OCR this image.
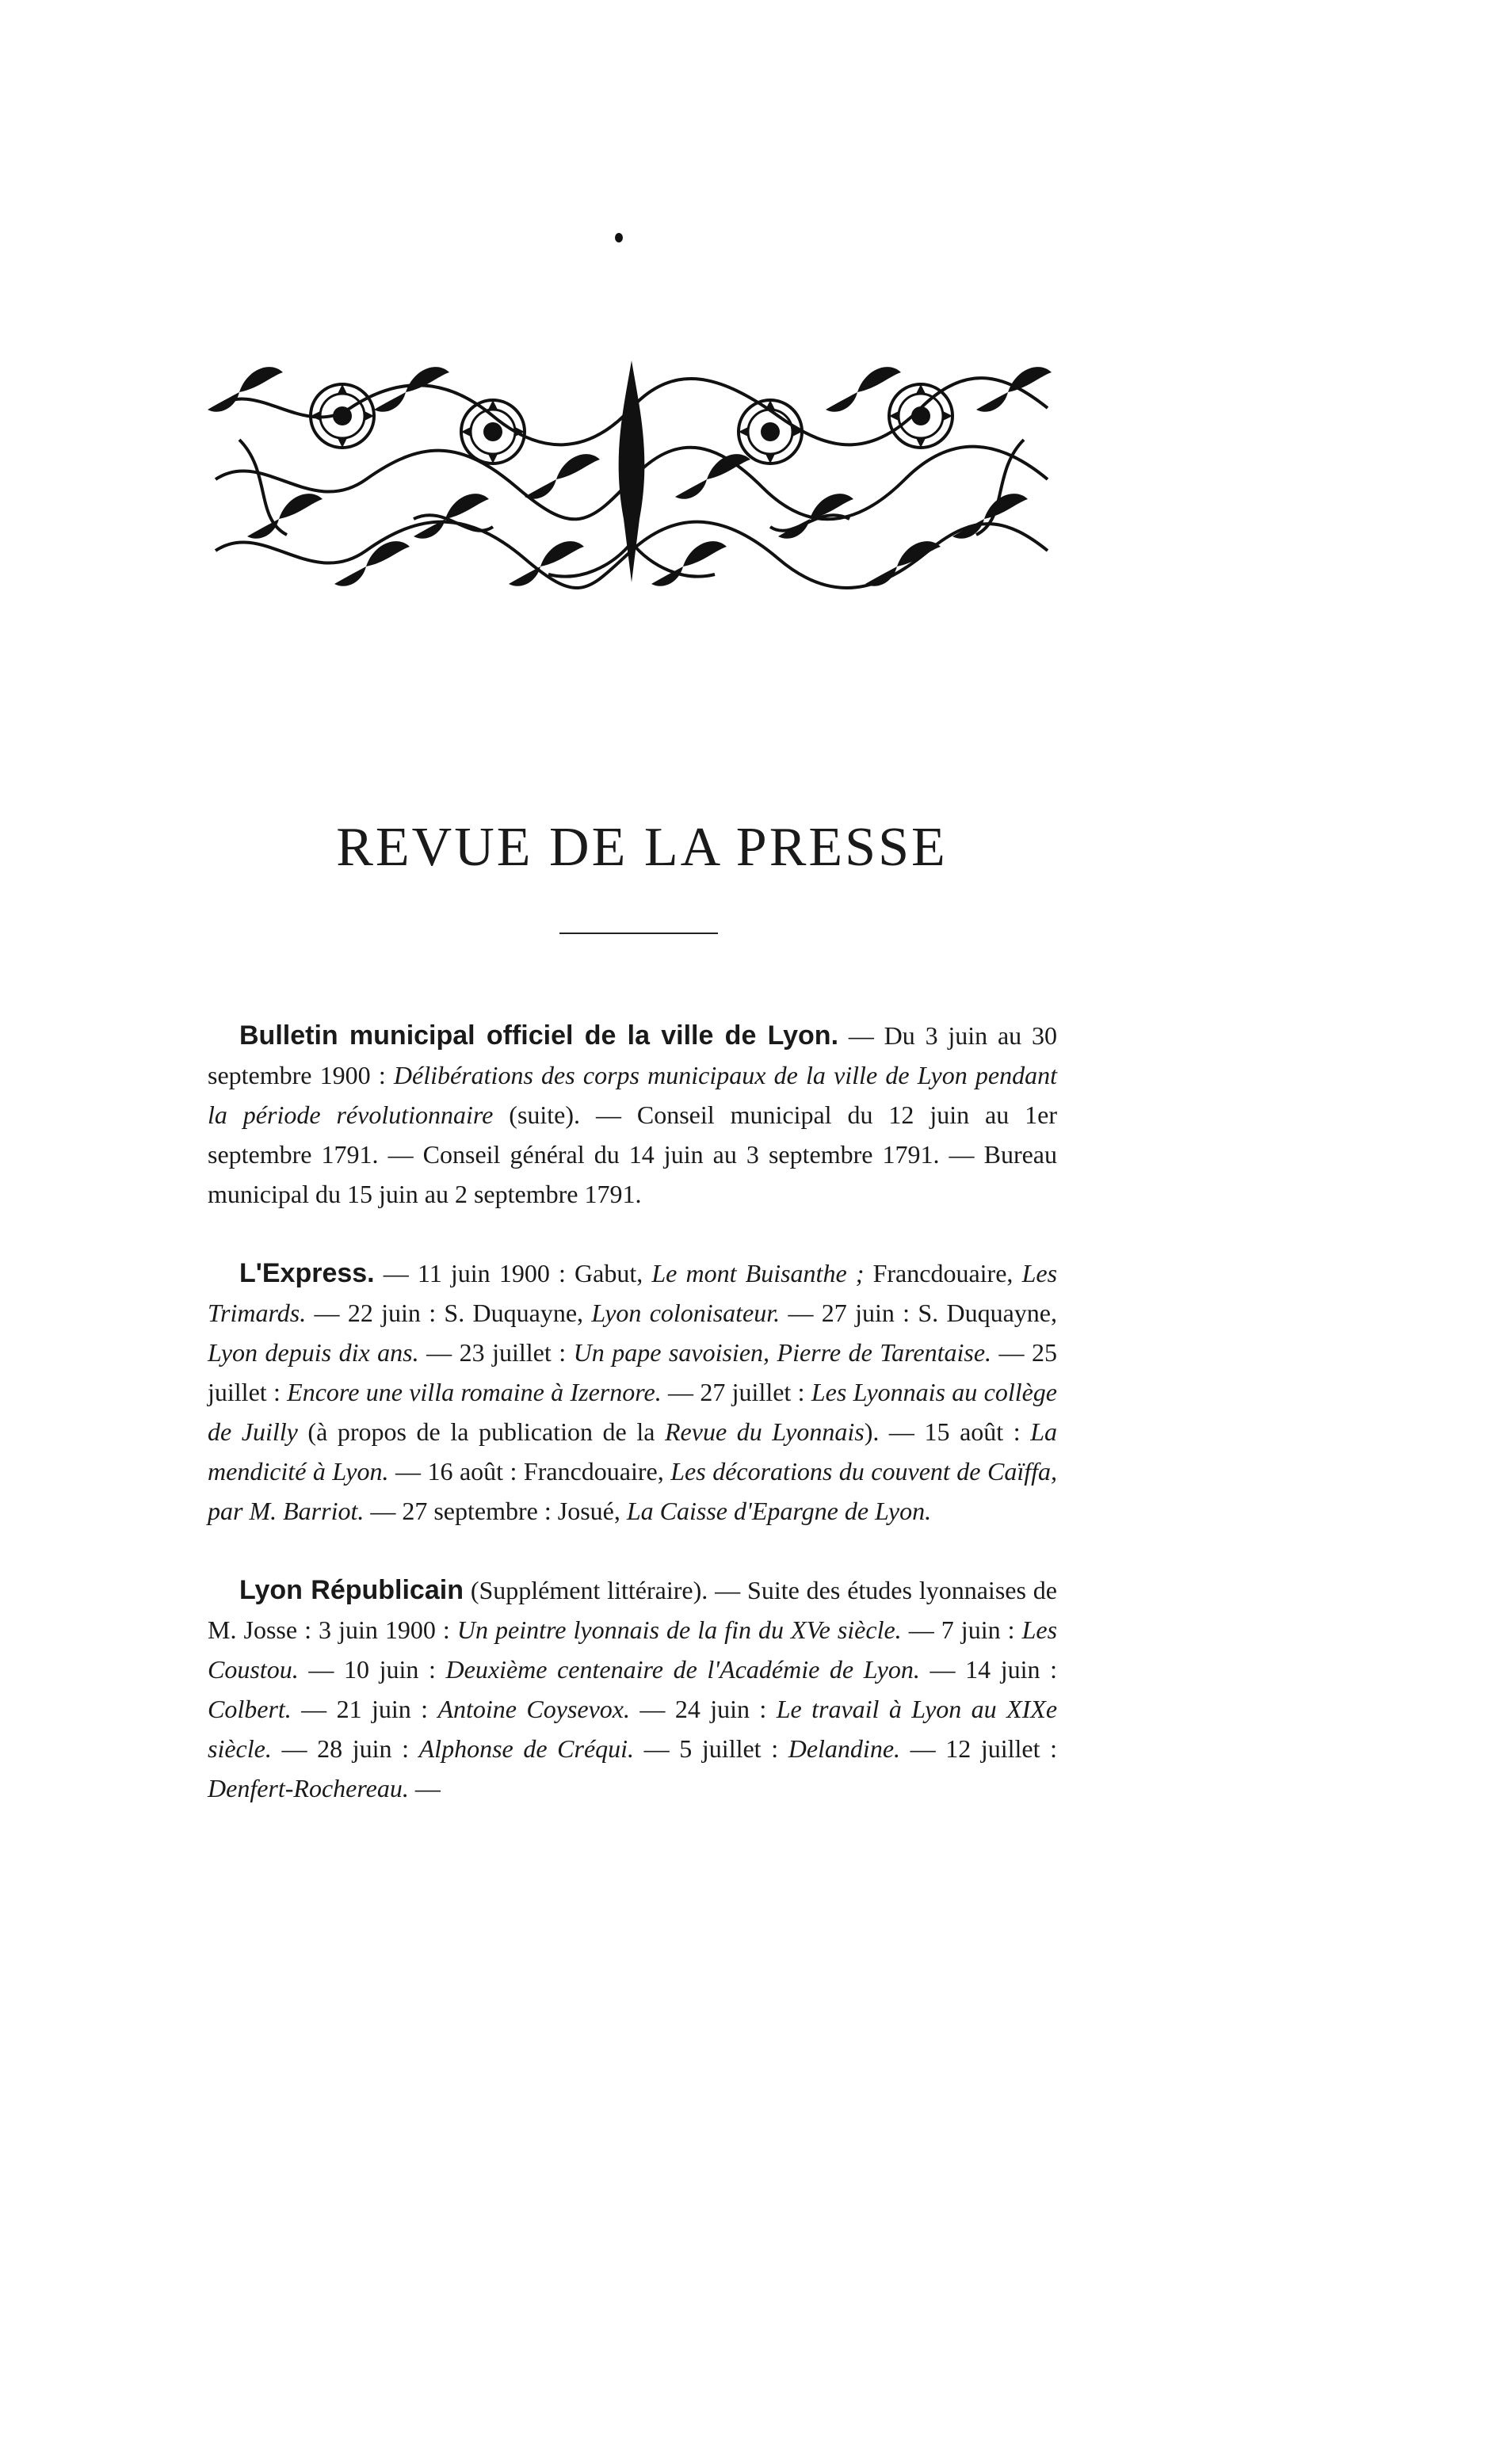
REVUE DE LA PRESSE

Bulletin municipal officiel de la ville de Lyon. — Du 3 juin au 30 septembre 1900 : Délibérations des corps municipaux de la ville de Lyon pendant la période révolutionnaire (suite). — Conseil municipal du 12 juin au 1er septembre 1791. — Conseil général du 14 juin au 3 septembre 1791. — Bureau municipal du 15 juin au 2 septembre 1791.

L'Express. — 11 juin 1900 : Gabut, Le mont Buisanthe ; Francdouaire, Les Trimards. — 22 juin : S. Duquayne, Lyon colonisateur. — 27 juin : S. Duquayne, Lyon depuis dix ans. — 23 juillet : Un pape savoisien, Pierre de Tarentaise. — 25 juillet : Encore une villa romaine à Izernore. — 27 juillet : Les Lyonnais au collège de Juilly (à propos de la publication de la Revue du Lyonnais). — 15 août : La mendicité à Lyon. — 16 août : Francdouaire, Les décorations du couvent de Caïffa, par M. Barriot. — 27 septembre : Josué, La Caisse d'Epargne de Lyon.

Lyon Républicain (Supplément littéraire). — Suite des études lyonnaises de M. Josse : 3 juin 1900 : Un peintre lyonnais de la fin du XVe siècle. — 7 juin : Les Coustou. — 10 juin : Deuxième centenaire de l'Académie de Lyon. — 14 juin : Colbert. — 21 juin : Antoine Coysevox. — 24 juin : Le travail à Lyon au XIXe siècle. — 28 juin : Alphonse de Créqui. — 5 juillet : Delandine. — 12 juillet : Denfert-Rochereau. —
